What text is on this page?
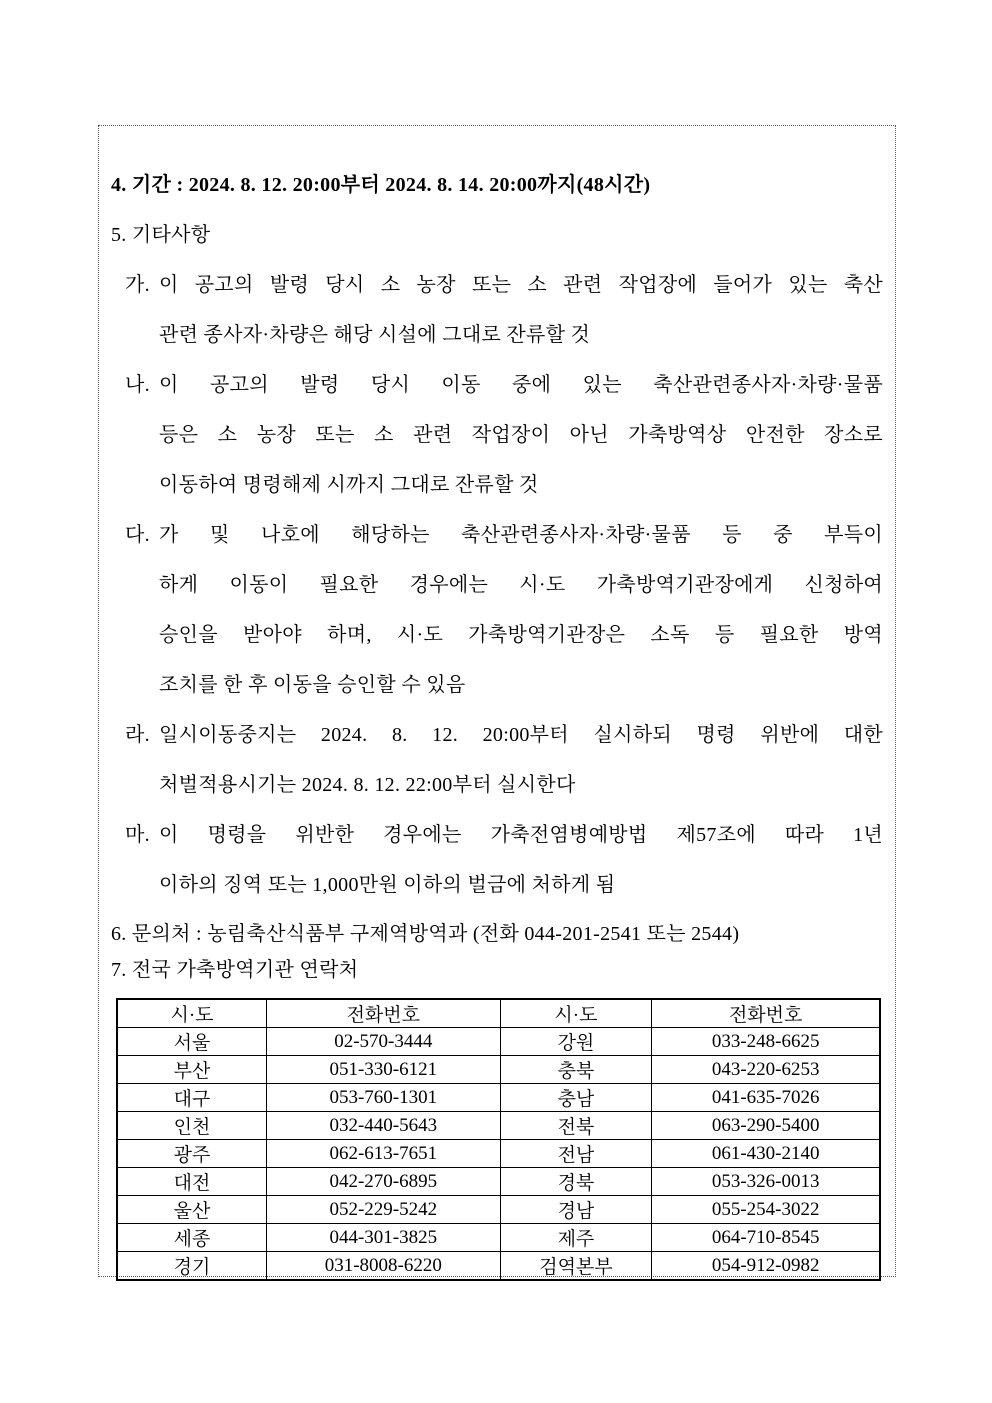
4. 기간 : 2024. 8. 12. 20:00부터 2024. 8. 14. 20:00까지(48시간)
5. 기타사항
가. 이 공고의 발령 당시 소 농장 또는 소 관련 작업장에 들어가 있는 축산
관련 종사자·차량은 해당 시설에 그대로 잔류할 것
나. 이 공고의 발령 당시 이동 중에 있는 축산관련종사자·차량·물품
등은 소 농장 또는 소 관련 작업장이 아닌 가축방역상 안전한 장소로
이동하여 명령해제 시까지 그대로 잔류할 것
다. 가 및 나호에 해당하는 축산관련종사자·차량·물품 등 중 부득이
하게 이동이 필요한 경우에는 시·도 가축방역기관장에게 신청하여
승인을 받아야 하며, 시·도 가축방역기관장은 소독 등 필요한 방역
조치를 한 후 이동을 승인할 수 있음
라. 일시이동중지는 2024. 8. 12. 20:00부터 실시하되 명령 위반에 대한
처벌적용시기는 2024. 8. 12. 22:00부터 실시한다
마. 이 명령을 위반한 경우에는 가축전염병예방법 제57조에 따라 1년
이하의 징역 또는 1,000만원 이하의 벌금에 처하게 됨
6. 문의처 : 농림축산식품부 구제역방역과 (전화 044-201-2541 또는 2544)
7. 전국 가축방역기관 연락처
시·도	전화번호	시·도	전화번호
서울	02-570-3444	강원	033-248-6625
부산	051-330-6121	충북	043-220-6253
대구	053-760-1301	충남	041-635-7026
인천	032-440-5643	전북	063-290-5400
광주	062-613-7651	전남	061-430-2140
대전	042-270-6895	경북	053-326-0013
울산	052-229-5242	경남	055-254-3022
세종	044-301-3825	제주	064-710-8545
경기	031-8008-6220	검역본부	054-912-0982
